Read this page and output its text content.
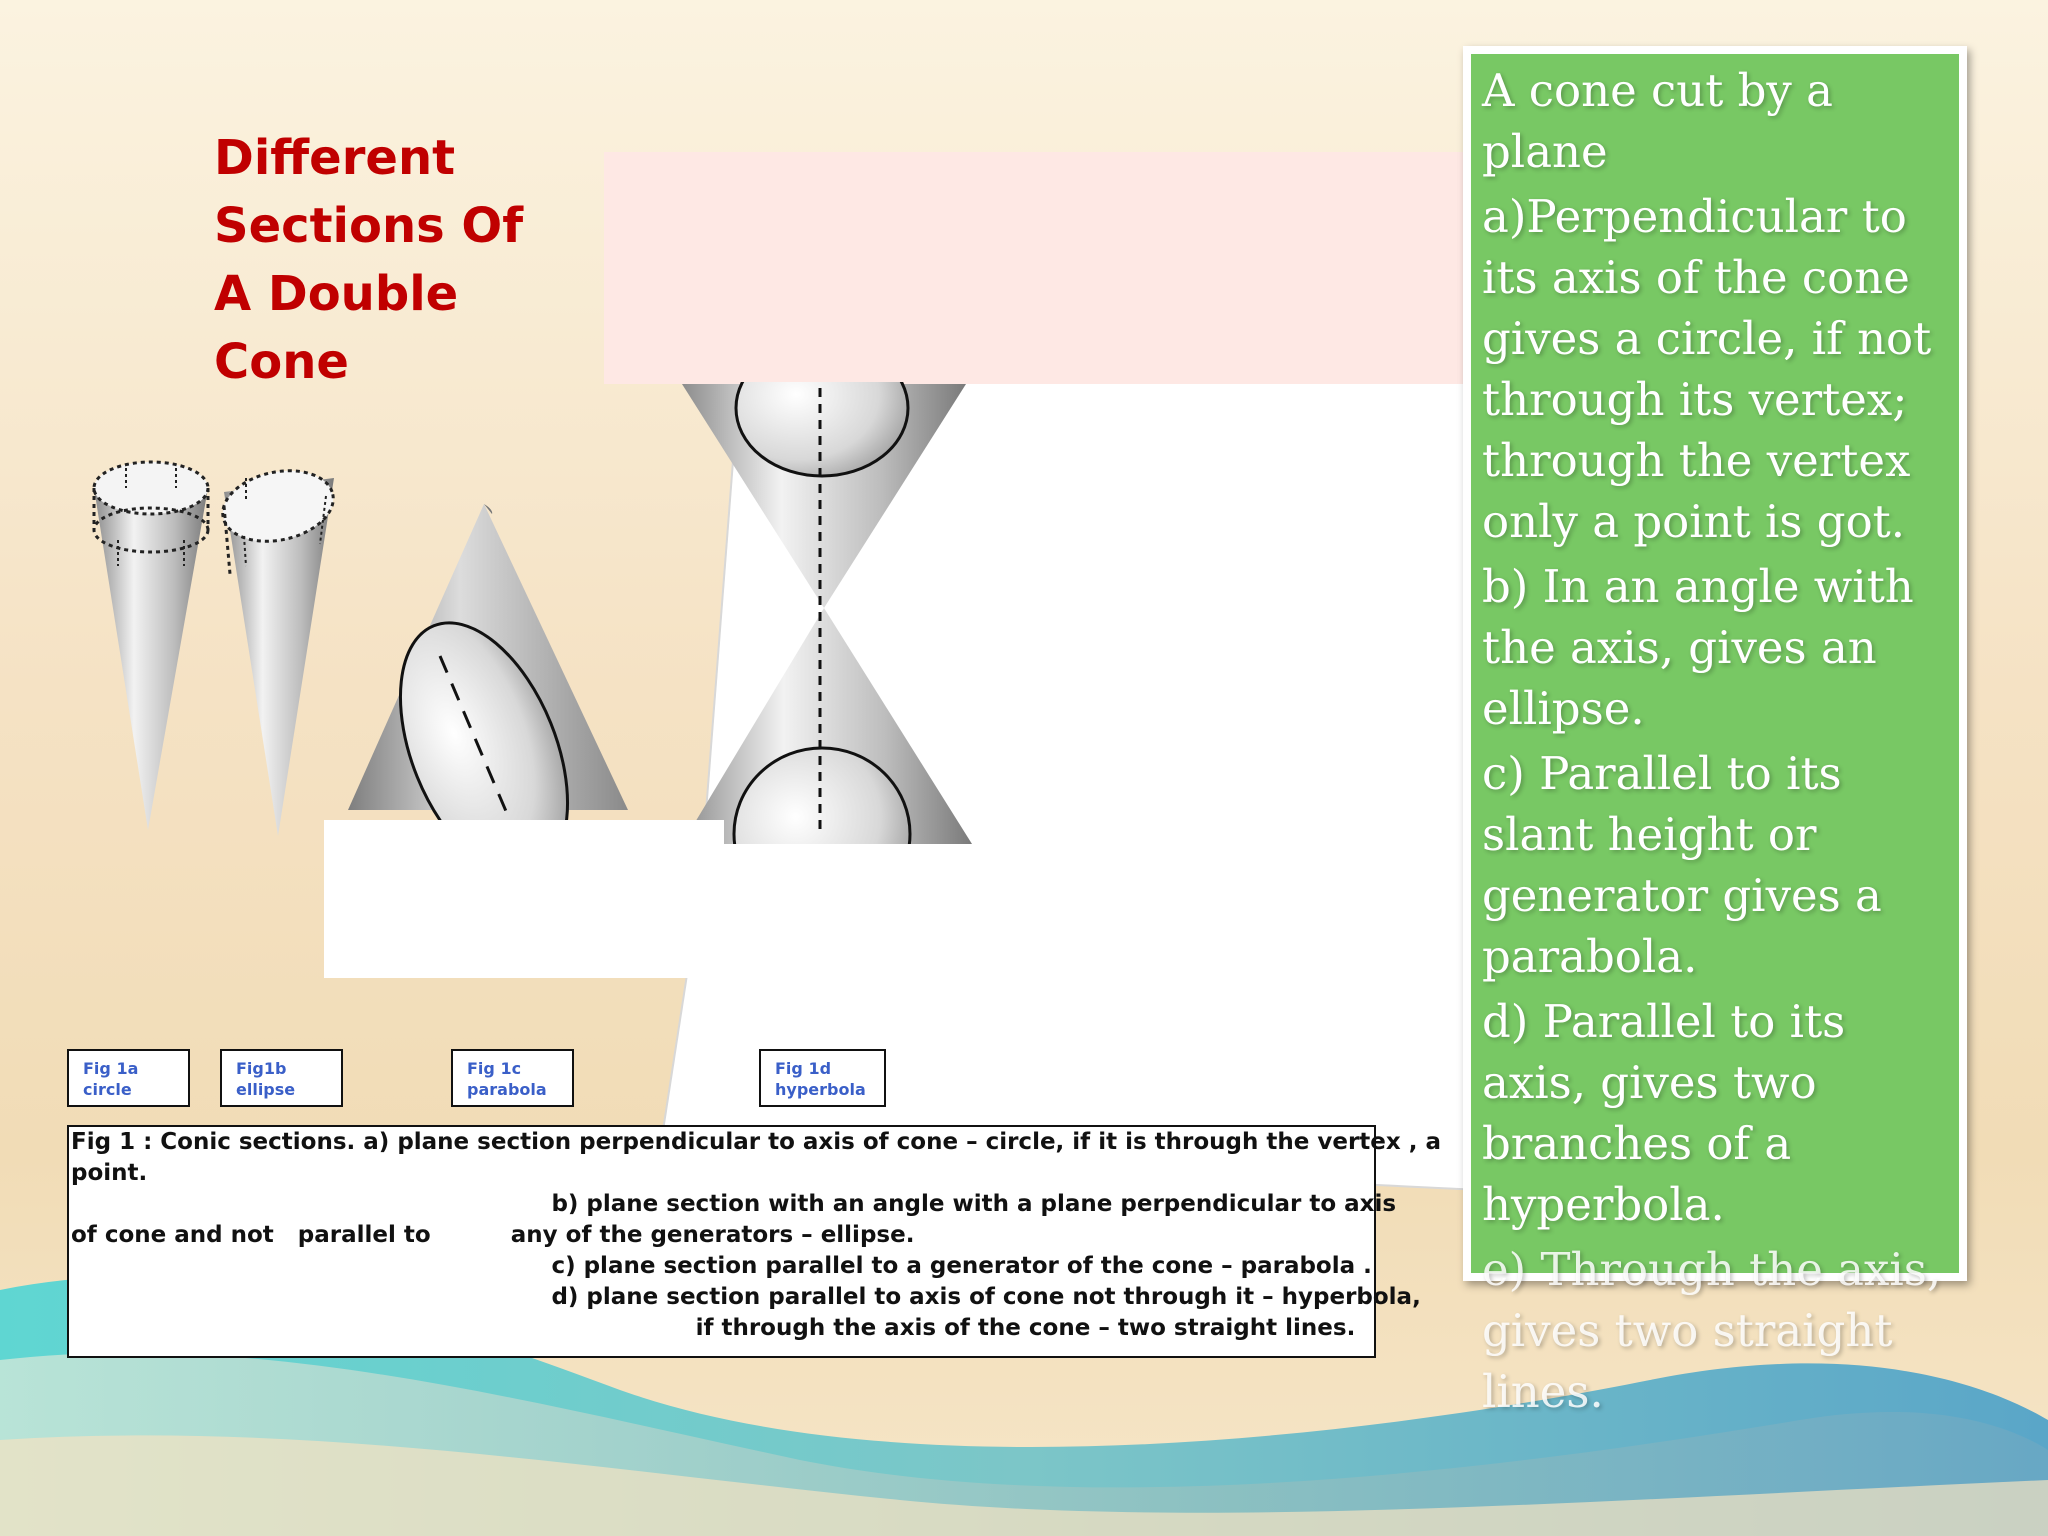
Different Sections Of A Double Cone
Fig 1a
circle
Fig1b
ellipse
Fig 1c
parabola
Fig 1d
hyperbola
Fig 1 : Conic sections. a) plane section perpendicular to axis of cone – circle, if it is through the vertex , a
point.
b) plane section with an angle with a plane perpendicular to axis
of cone and not   parallel to          any of the generators – ellipse.
c) plane section parallel to a generator of the cone – parabola .
d) plane section parallel to axis of cone not through it – hyperbola,
if through the axis of the cone – two straight lines.

A cone cut by a plane

a)Perpendicular to its axis of the cone gives a circle, if not through its vertex; through the vertex only a point is got.

b) In an angle with the axis, gives an ellipse.

c) Parallel to its slant height or generator gives a parabola.

d) Parallel to its axis, gives two branches of a hyperbola.

e) Through the axis, gives two straight lines.
